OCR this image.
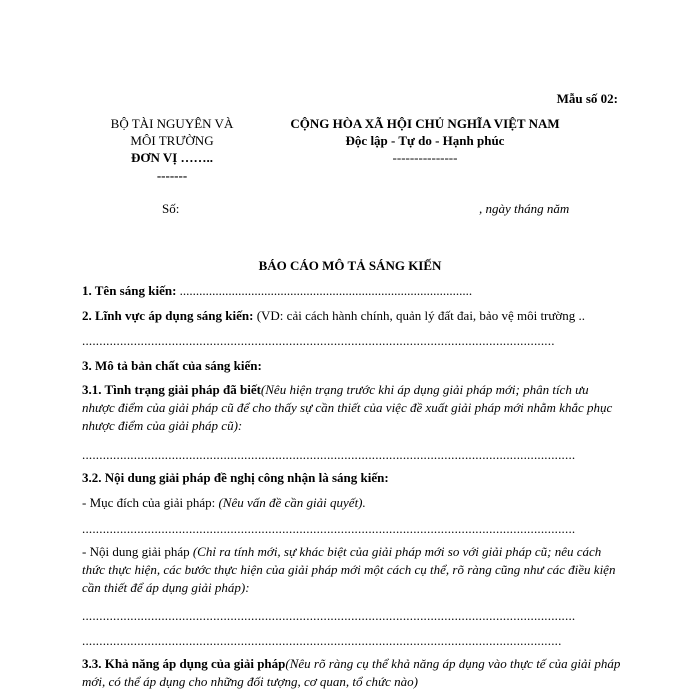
Mẫu số 02:
BỘ TÀI NGUYÊN VÀ
MÔI TRƯỜNG
ĐƠN VỊ ……..
-------
CỘNG HÒA XÃ HỘI CHỦ NGHĨA VIỆT NAM
Độc lập - Tự do - Hạnh phúc
---------------
Số:	, ngày tháng năm
BÁO CÁO MÔ TẢ SÁNG KIẾN
1. Tên sáng kiến: ..........................................................................................
2. Lĩnh vực áp dụng sáng kiến: (VD: cải cách hành chính, quản lý đất đai, bảo vệ môi trường ..
.........................................................................................................................................
3. Mô tả bản chất của sáng kiến:
3.1. Tình trạng giải pháp đã biết(Nêu hiện trạng trước khi áp dụng giải pháp mới; phân tích ưu nhược điểm của giải pháp cũ để cho thấy sự cần thiết của việc đề xuất giải pháp mới nhằm khắc phục nhược điểm của giải pháp cũ):
...............................................................................................................................................
3.2. Nội dung giải pháp đề nghị công nhận là sáng kiến:
- Mục đích của giải pháp: (Nêu vấn đề cần giải quyết).
...............................................................................................................................................
- Nội dung giải pháp (Chỉ ra tính mới, sự khác biệt của giải pháp mới so với giải pháp cũ; nêu cách thức thực hiện, các bước thực hiện của giải pháp mới một cách cụ thể, rõ ràng cũng như các điều kiện cần thiết để áp dụng giải pháp):
...............................................................................................................................................
...........................................................................................................................................
3.3. Khả năng áp dụng của giải pháp(Nêu rõ ràng cụ thể khả năng áp dụng vào thực tế của giải pháp mới, có thể áp dụng cho những đối tượng, cơ quan, tổ chức nào)
